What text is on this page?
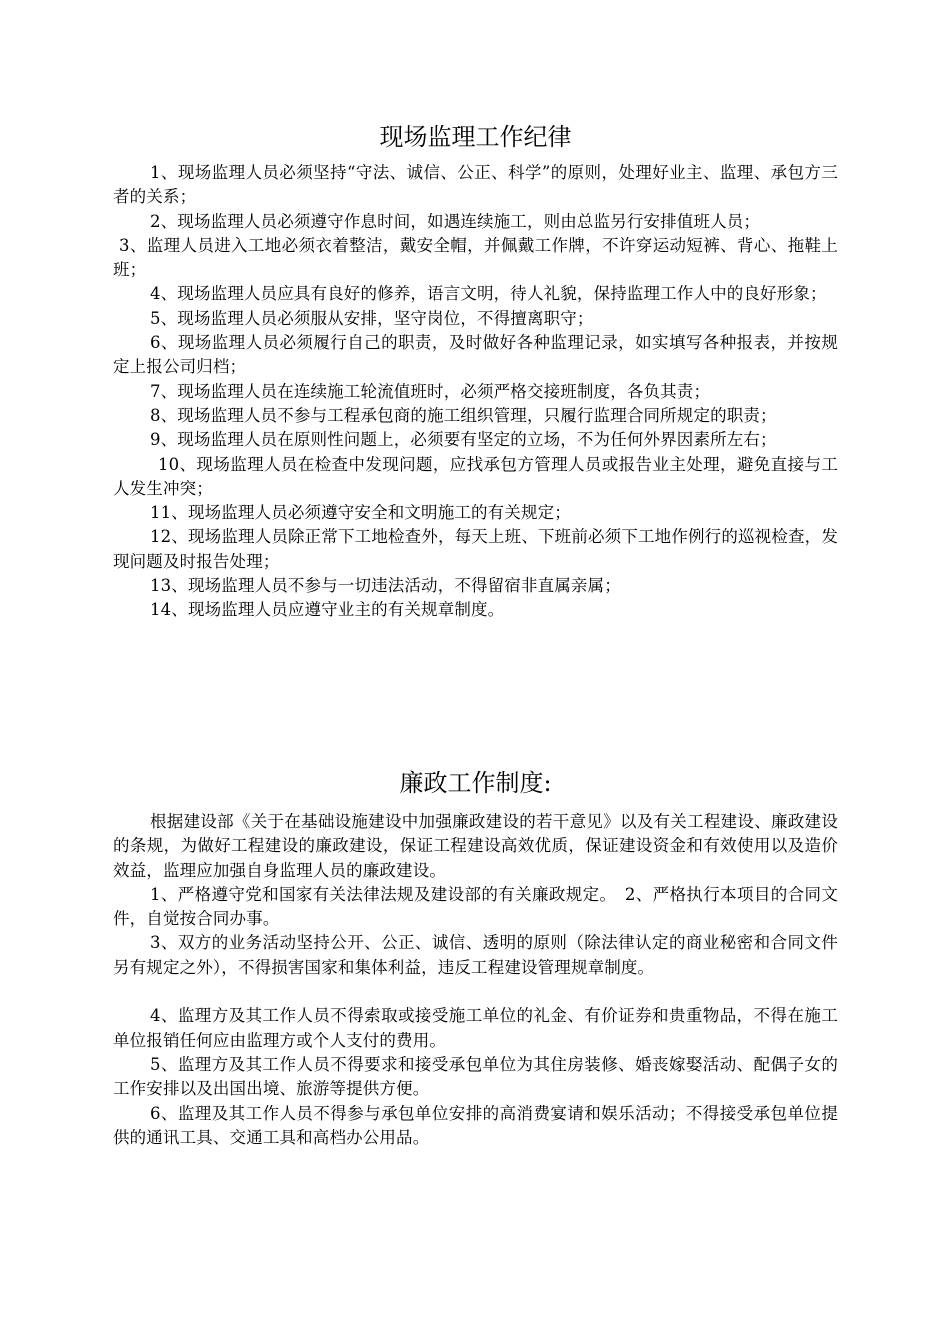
现场监理工作纪律

1、现场监理人员必须坚持“守法、诚信、公正、科学”的原则，处理好业主、监理、承包方三者的关系；

2、现场监理人员必须遵守作息时间，如遇连续施工，则由总监另行安排值班人员；

3、监理人员进入工地必须衣着整洁，戴安全帽，并佩戴工作牌，不许穿运动短裤、背心、拖鞋上班；

4、现场监理人员应具有良好的修养，语言文明，待人礼貌，保持监理工作人中的良好形象；

5、现场监理人员必须服从安排，坚守岗位，不得擅离职守；

6、现场监理人员必须履行自己的职责，及时做好各种监理记录，如实填写各种报表，并按规定上报公司归档；

7、现场监理人员在连续施工轮流值班时，必须严格交接班制度，各负其责；

8、现场监理人员不参与工程承包商的施工组织管理，只履行监理合同所规定的职责；

9、现场监理人员在原则性问题上，必须要有坚定的立场，不为任何外界因素所左右；

10、现场监理人员在检查中发现问题，应找承包方管理人员或报告业主处理，避免直接与工人发生冲突；

11、现场监理人员必须遵守安全和文明施工的有关规定；

12、现场监理人员除正常下工地检查外，每天上班、下班前必须下工地作例行的巡视检查，发现问题及时报告处理；

13、现场监理人员不参与一切违法活动，不得留宿非直属亲属；

14、现场监理人员应遵守业主的有关规章制度。

廉政工作制度:

根据建设部《关于在基础设施建设中加强廉政建设的若干意见》以及有关工程建设、廉政建设的条规，为做好工程建设的廉政建设，保证工程建设高效优质，保证建设资金和有效使用以及造价效益，监理应加强自身监理人员的廉政建设。

1、严格遵守党和国家有关法律法规及建设部的有关廉政规定。　2、严格执行本项目的合同文件，自觉按合同办事。

3、双方的业务活动坚持公开、公正、诚信、透明的原则（除法律认定的商业秘密和合同文件另有规定之外），不得损害国家和集体利益，违反工程建设管理规章制度。

4、监理方及其工作人员不得索取或接受施工单位的礼金、有价证券和贵重物品，不得在施工单位报销任何应由监理方或个人支付的费用。

5、监理方及其工作人员不得要求和接受承包单位为其住房装修、婚丧嫁娶活动、配偶子女的工作安排以及出国出境、旅游等提供方便。

6、监理及其工作人员不得参与承包单位安排的高消费宴请和娱乐活动；不得接受承包单位提供的通讯工具、交通工具和高档办公用品。
